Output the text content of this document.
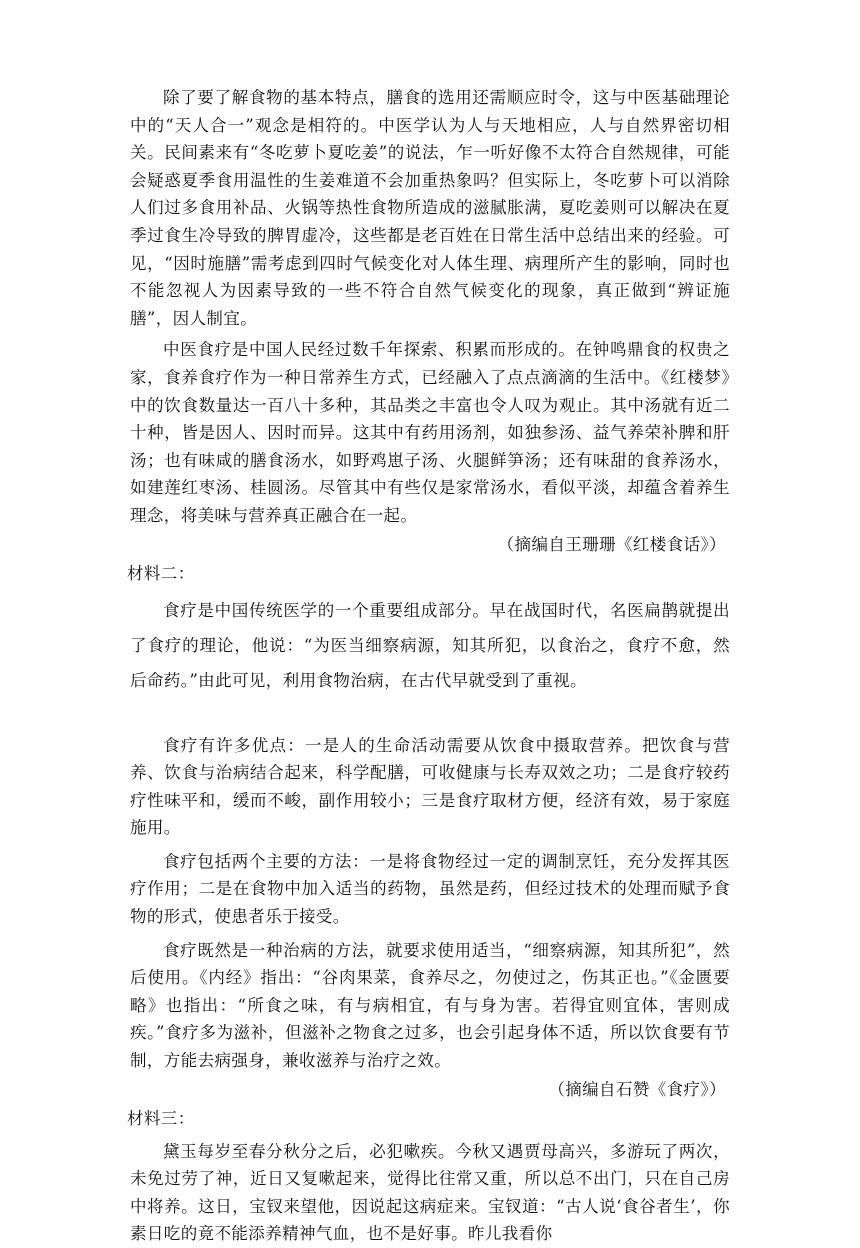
除了要了解食物的基本特点，膳食的选用还需顺应时令，这与中医基础理论中的“天人合一”观念是相符的。中医学认为人与天地相应，人与自然界密切相关。民间素来有“冬吃萝卜夏吃姜”的说法，乍一听好像不太符合自然规律，可能会疑惑夏季食用温性的生姜难道不会加重热象吗？但实际上，冬吃萝卜可以消除人们过多食用补品、火锅等热性食物所造成的滋腻胀满，夏吃姜则可以解决在夏季过食生冷导致的脾胃虚冷，这些都是老百姓在日常生活中总结出来的经验。可见，“因时施膳”需考虑到四时气候变化对人体生理、病理所产生的影响，同时也不能忽视人为因素导致的一些不符合自然气候变化的现象，真正做到“辨证施膳”，因人制宜。

中医食疗是中国人民经过数千年探索、积累而形成的。在钟鸣鼎食的权贵之家，食养食疗作为一种日常养生方式，已经融入了点点滴滴的生活中。《红楼梦》中的饮食数量达一百八十多种，其品类之丰富也令人叹为观止。其中汤就有近二十种，皆是因人、因时而异。这其中有药用汤剂，如独参汤、益气养荣补脾和肝汤；也有味咸的膳食汤水，如野鸡崽子汤、火腿鲜笋汤；还有味甜的食养汤水，如建莲红枣汤、桂圆汤。尽管其中有些仅是家常汤水，看似平淡，却蕴含着养生理念，将美味与营养真正融合在一起。

（摘编自王珊珊《红楼食话》）

材料二：

食疗是中国传统医学的一个重要组成部分。早在战国时代，名医扁鹊就提出了食疗的理论，他说：“为医当细察病源，知其所犯，以食治之，食疗不愈，然后命药。”由此可见，利用食物治病，在古代早就受到了重视。

食疗有许多优点：一是人的生命活动需要从饮食中摄取营养。把饮食与营养、饮食与治病结合起来，科学配膳，可收健康与长寿双效之功；二是食疗较药疗性味平和，缓而不峻，副作用较小；三是食疗取材方便，经济有效，易于家庭施用。

食疗包括两个主要的方法：一是将食物经过一定的调制烹饪，充分发挥其医疗作用；二是在食物中加入适当的药物，虽然是药，但经过技术的处理而赋予食物的形式，使患者乐于接受。

食疗既然是一种治病的方法，就要求使用适当，“细察病源，知其所犯”，然后使用。《内经》指出：“谷肉果菜，食养尽之，勿使过之，伤其正也。”《金匮要略》也指出：“所食之味，有与病相宜，有与身为害。若得宜则宜体，害则成疾。”食疗多为滋补，但滋补之物食之过多，也会引起身体不适，所以饮食要有节制，方能去病强身，兼收滋养与治疗之效。

（摘编自石赞《食疗》）

材料三：

黛玉每岁至春分秋分之后，必犯嗽疾。今秋又遇贾母高兴，多游玩了两次，未免过劳了神，近日又复嗽起来，觉得比往常又重，所以总不出门，只在自己房中将养。这日，宝钗来望他，因说起这病症来。宝钗道：“古人说‘食谷者生’，你素日吃的竟不能添养精神气血，也不是好事。昨儿我看你
